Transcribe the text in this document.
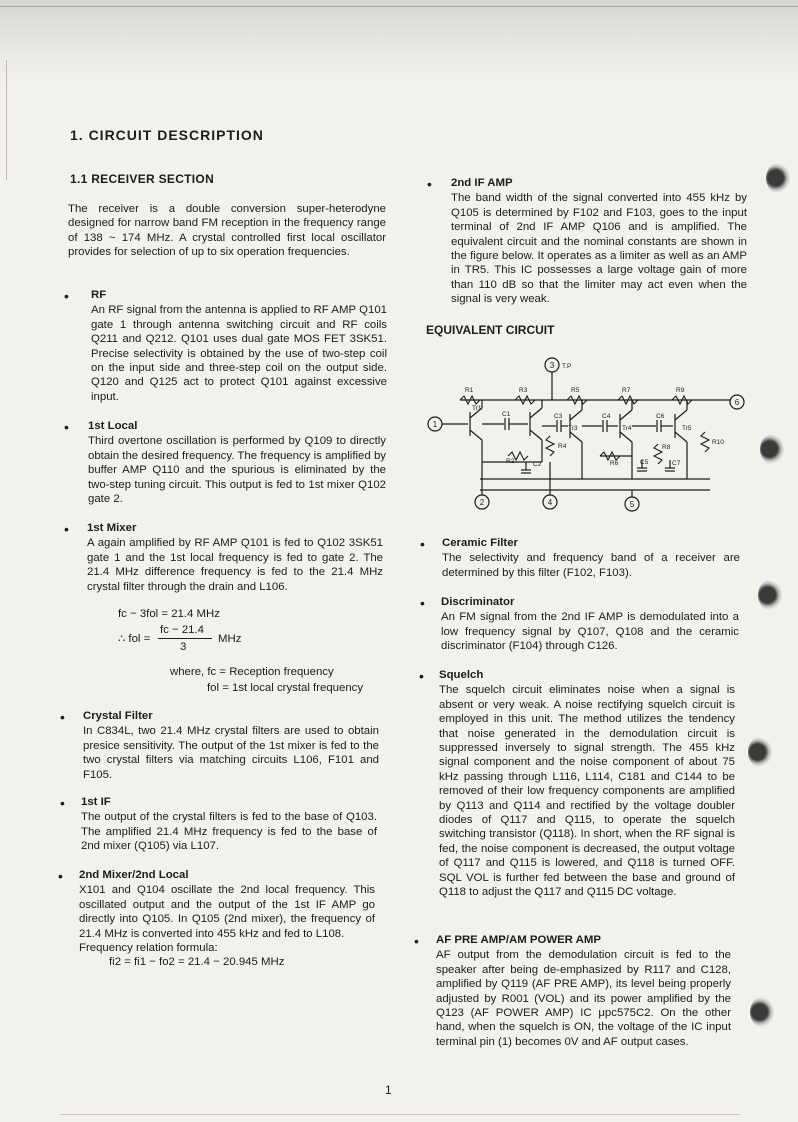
1. CIRCUIT DESCRIPTION
1.1 RECEIVER SECTION

The receiver is a double conversion super-heterodyne designed for narrow band FM reception in the frequency range of 138 ~ 174 MHz. A crystal controlled first local oscillator provides for selection of up to six operation frequencies.

• RF
An RF signal from the antenna is applied to RF AMP Q101 gate 1 through antenna switching circuit and RF coils Q211 and Q212. Q101 uses dual gate MOS FET 3SK51. Precise selectivity is obtained by the use of two-step coil on the input side and three-step coil on the output side. Q120 and Q125 act to protect Q101 against excessive input.
• 1st Local
Third overtone oscillation is performed by Q109 to directly obtain the desired frequency. The frequency is amplified by buffer AMP Q110 and the spurious is eliminated by the two-step tuning circuit. This output is fed to 1st mixer Q102 gate 2.
• 1st Mixer
A again amplified by RF AMP Q101 is fed to Q102 3SK51 gate 1 and the 1st local frequency is fed to gate 2. The 21.4 MHz difference frequency is fed to the 21.4 MHz crystal filter through the drain and L106.
fc − 3fol = 21.4 MHz
∴ fol =
fc − 21.4
3
MHz
where, fc = Reception frequency
fol = 1st local crystal frequency
• Crystal Filter
In C834L, two 21.4 MHz crystal filters are used to obtain presice sensitivity. The output of the 1st mixer is fed to the two crystal filters via matching circuits L106, F101 and F105.
• 1st IF
The output of the crystal filters is fed to the base of Q103. The amplified 21.4 MHz frequency is fed to the base of 2nd mixer (Q105) via L107.
• 2nd Mixer/2nd Local
X101 and Q104 oscillate the 2nd local frequency. This oscillated output and the output of the 1st IF AMP go directly into Q105. In Q105 (2nd mixer), the frequency of 21.4 MHz is converted into 455 kHz and fed to L108.
Frequency relation formula:
fi2 = fi1 − fo2 = 21.4 − 20.945 MHz
• 2nd IF AMP
The band width of the signal converted into 455 kHz by Q105 is determined by F102 and F103, goes to the input terminal of 2nd IF AMP Q106 and is amplified. The equivalent circuit and the nominal constants are shown in the figure below. It operates as a limiter as well as an AMP in TR5. This IC possesses a large voltage gain of more than 110 dB so that the limiter may act even when the signal is very weak.
EQUIVALENT CIRCUIT
1
2
3
4	5
6
T.P
R1
R2
R3
R4
R5
R6
R7
R8
R9
R10
C1
C2
C3	C4
C5
C6
C7
Tr1
Tr3	Tr4	Tr5
• Ceramic Filter
The selectivity and frequency band of a receiver are determined by this filter (F102, F103).
• Discriminator
An FM signal from the 2nd IF AMP is demodulated into a low frequency signal by Q107, Q108 and the ceramic discriminator (F104) through C126.
• Squelch
The squelch circuit eliminates noise when a signal is absent or very weak. A noise rectifying squelch circuit is employed in this unit. The method utilizes the tendency that noise generated in the demodulation circuit is suppressed inversely to signal strength. The 455 kHz signal component and the noise component of about 75 kHz passing through L116, L114, C181 and C144 to be removed of their low frequency components are amplified by Q113 and Q114 and rectified by the voltage doubler diodes of Q117 and Q115, to operate the squelch switching transistor (Q118). In short, when the RF signal is fed, the noise component is decreased, the output voltage of Q117 and Q115 is lowered, and Q118 is turned OFF. SQL VOL is further fed between the base and ground of Q118 to adjust the Q117 and Q115 DC voltage.
• AF PRE AMP/AM POWER AMP
AF output from the demodulation circuit is fed to the speaker after being de-emphasized by R117 and C128, amplified by Q119 (AF PRE AMP), its level being properly adjusted by R001 (VOL) and its power amplified by the Q123 (AF POWER AMP) IC μpc575C2. On the other hand, when the squelch is ON, the voltage of the IC input terminal pin (1) becomes 0V and AF output cases.
1
